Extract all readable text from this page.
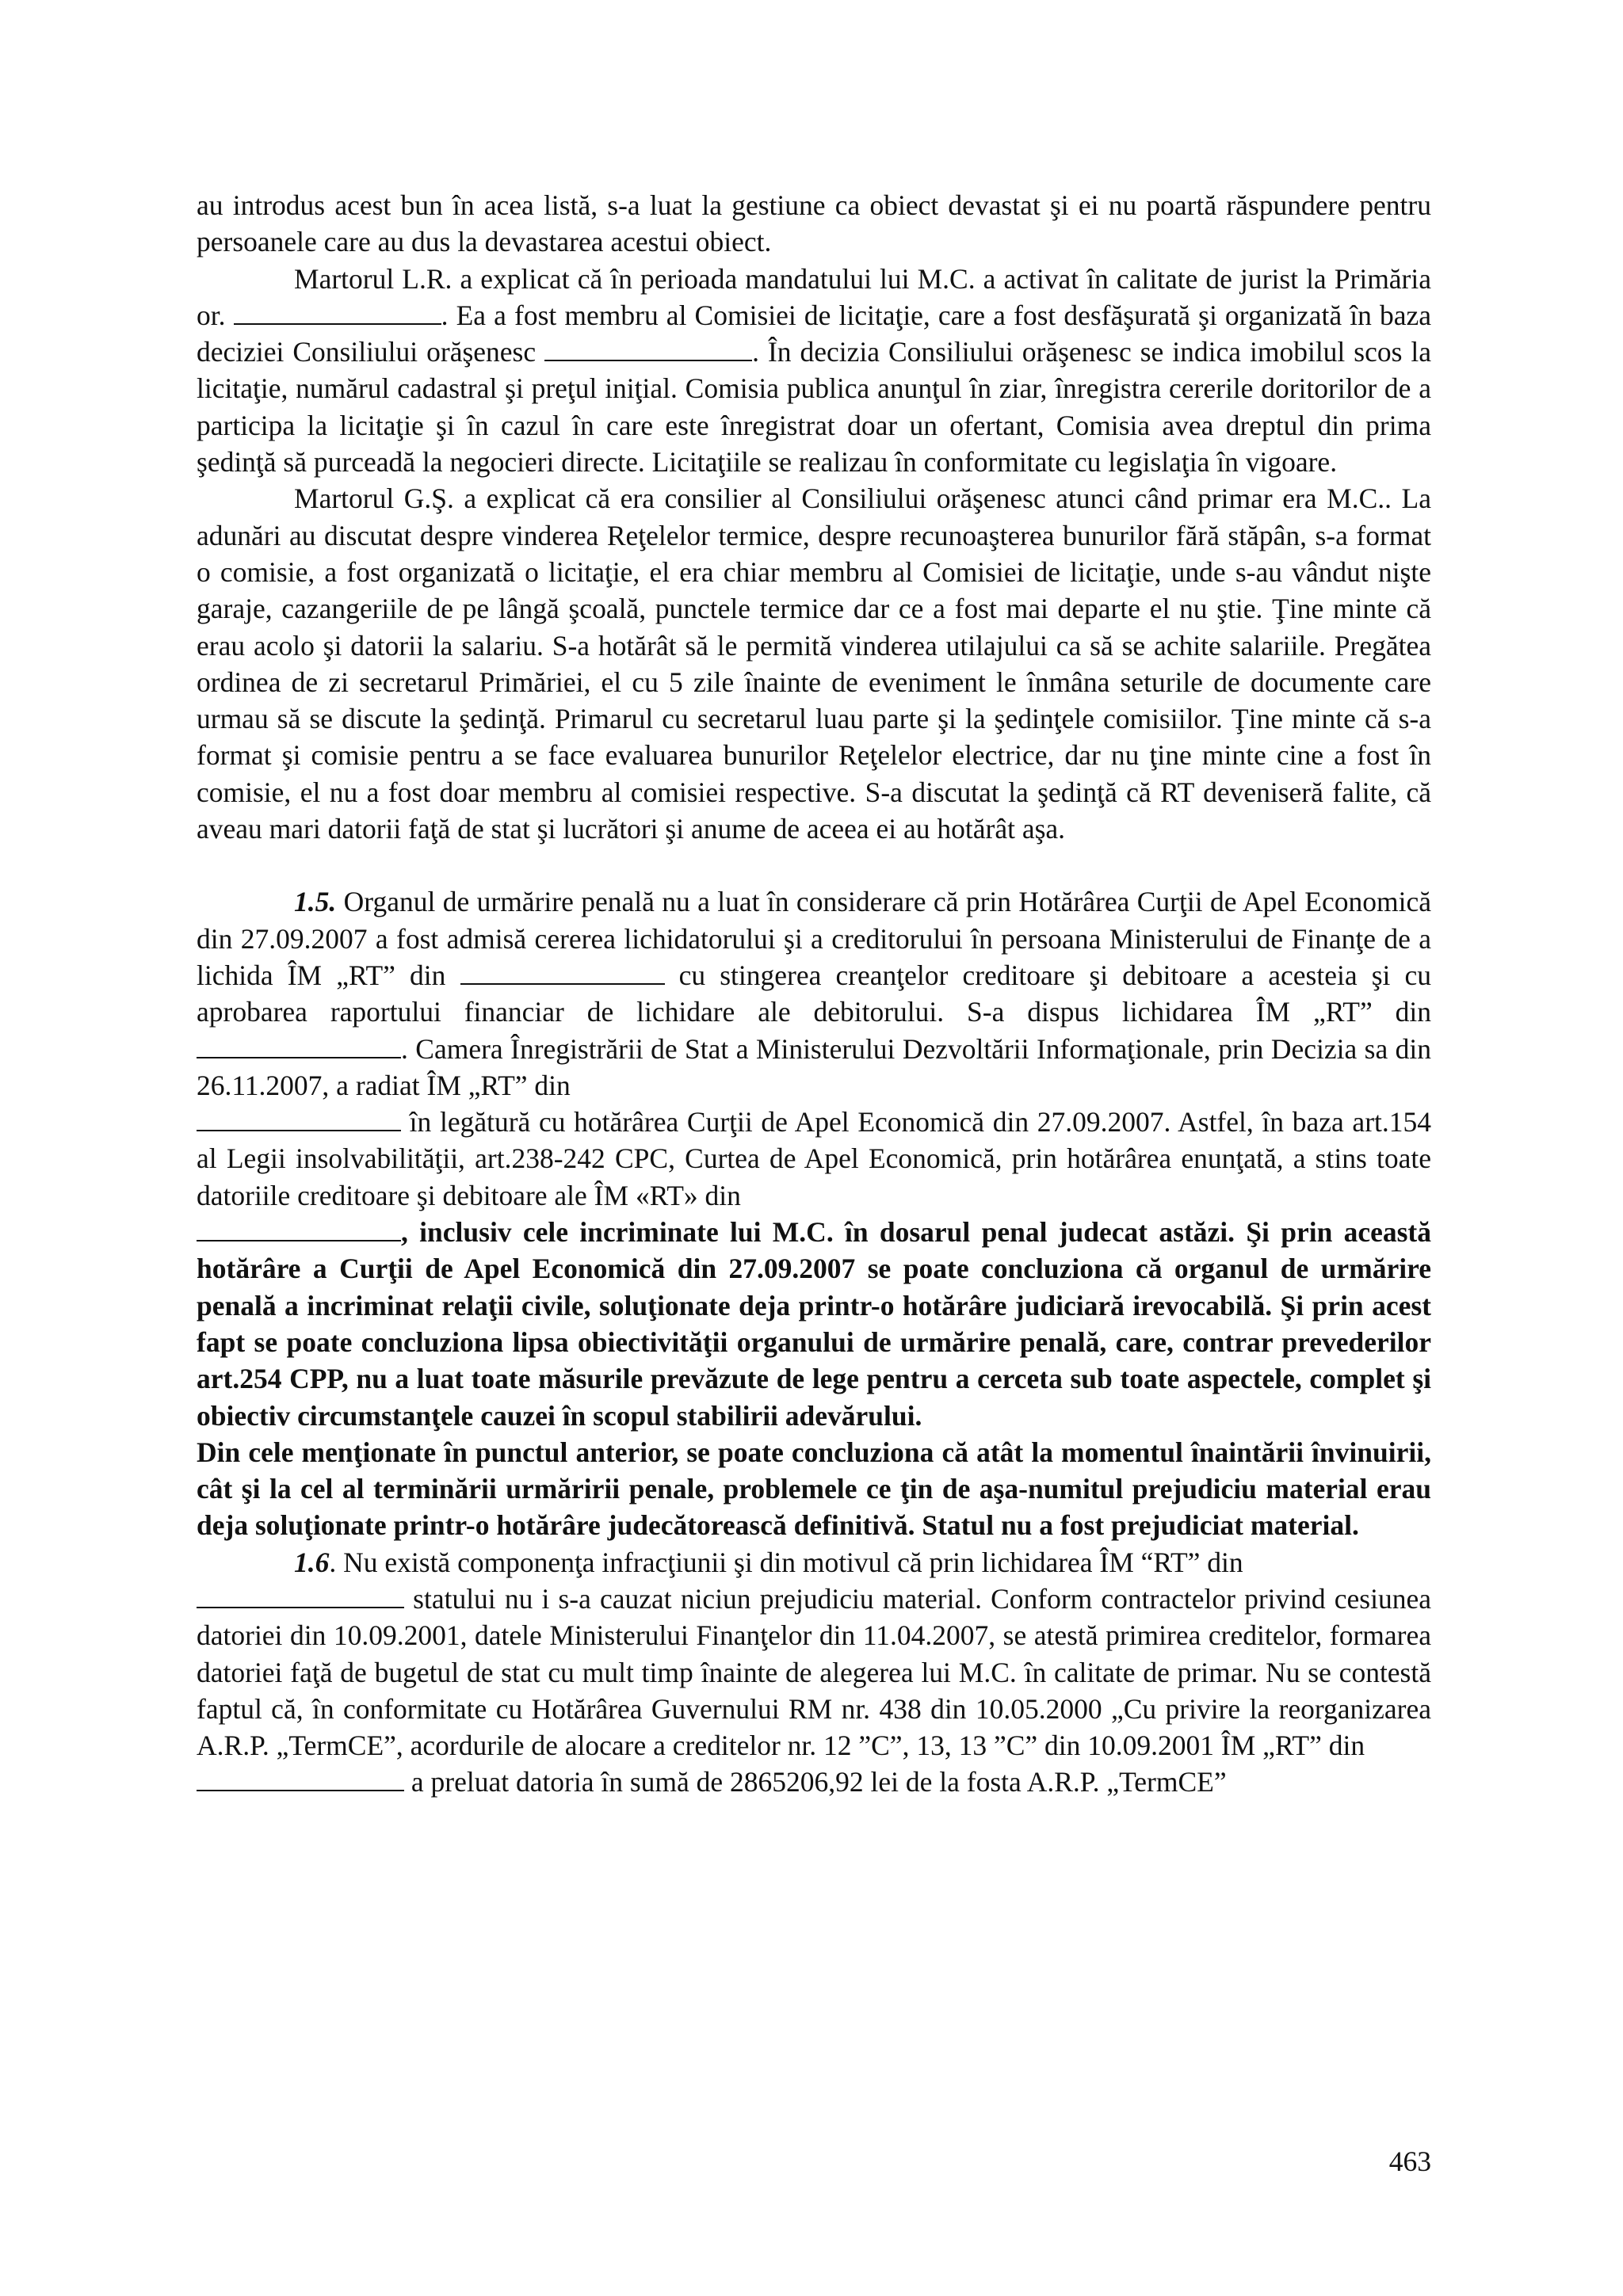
au introdus acest bun în acea listă, s-a luat la gestiune ca obiect devastat şi ei nu poartă răspundere pentru persoanele care au dus la devastarea acestui obiect.

Martorul L.R. a explicat că în perioada mandatului lui M.C. a activat în calitate de jurist la Primăria or.	. Ea a fost membru al Comisiei de licitaţie, care a fost desfăşurată şi organizată în baza deciziei Consiliului orăşenesc	. În decizia Consiliului orăşenesc se indica imobilul scos la licitaţie, numărul cadastral şi preţul iniţial. Comisia publica anunţul în ziar, înregistra cererile doritorilor de a participa la licitaţie şi în cazul în care este înregistrat doar un ofertant, Comisia avea dreptul din prima şedinţă să purceadă la negocieri directe. Licitaţiile se realizau în conformitate cu legislaţia în vigoare.

Martorul G.Ş. a explicat că era consilier al Consiliului orăşenesc atunci când primar era M.C.. La adunări au discutat despre vinderea Reţelelor termice, despre recunoaşterea bunurilor fără stăpân, s-a format o comisie, a fost organizată o licitaţie, el era chiar membru al Comisiei de licitaţie, unde s-au vândut nişte garaje, cazangeriile de pe lângă şcoală, punctele termice dar ce a fost mai departe el nu ştie. Ţine minte că erau acolo şi datorii la salariu. S-a hotărât să le permită vinderea utilajului ca să se achite salariile. Pregătea ordinea de zi secretarul Primăriei, el cu 5 zile înainte de eveniment le înmâna seturile de documente care urmau să se discute la şedinţă. Primarul cu secretarul luau parte şi la şedinţele comisiilor. Ţine minte că s-a format şi comisie pentru a se face evaluarea bunurilor Reţelelor electrice, dar nu ţine minte cine a fost în comisie, el nu a fost doar membru al comisiei respective. S-a discutat la şedinţă că RT deveniseră falite, că aveau mari datorii faţă de stat şi lucrători şi anume de aceea ei au hotărât aşa.

1.5. Organul de urmărire penală nu a luat în considerare că prin Hotărârea Curţii de Apel Economică din 27.09.2007 a fost admisă cererea lichidatorului şi a creditorului în persoana Ministerului de Finanţe de a lichida ÎM „RT” din	cu stingerea creanţelor creditoare şi debitoare a acesteia şi cu aprobarea raportului financiar de lichidare ale debitorului. S-a dispus lichidarea ÎM „RT” din . Camera Înregistrării de Stat a Ministerului Dezvoltării Informaţionale, prin Decizia sa din 26.11.2007, a radiat ÎM „RT” din
în legătură cu hotărârea Curţii de Apel Economică din 27.09.2007. Astfel, în baza art.154 al Legii insolvabilităţii, art.238-242 CPC, Curtea de Apel Economică, prin hotărârea enunţată, a stins toate datoriile creditoare şi debitoare ale ÎM «RT» din
, inclusiv cele incriminate lui M.C. în dosarul penal judecat astăzi. Şi prin această hotărâre a Curţii de Apel Economică din 27.09.2007 se poate concluziona că organul de urmărire penală a incriminat relaţii civile, soluţionate deja printr-o hotărâre judiciară irevocabilă. Şi prin acest fapt se poate concluziona lipsa obiectivităţii organului de urmărire penală, care, contrar prevederilor art.254 CPP, nu a luat toate măsurile prevăzute de lege pentru a cerceta sub toate aspectele, complet şi obiectiv circumstanţele cauzei în scopul stabilirii adevărului.

Din cele menţionate în punctul anterior, se poate concluziona că atât la momentul înaintării învinuirii, cât şi la cel al terminării urmăririi penale, problemele ce ţin de aşa-numitul prejudiciu material erau deja soluţionate printr-o hotărâre judecătorească definitivă. Statul nu a fost prejudiciat material.

1.6. Nu există componenţa infracţiunii şi din motivul că prin lichidarea ÎM “RT” din
statului nu i s-a cauzat niciun prejudiciu material. Conform contractelor privind cesiunea datoriei din 10.09.2001, datele Ministerului Finanţelor din 11.04.2007, se atestă primirea creditelor, formarea datoriei faţă de bugetul de stat cu mult timp înainte de alegerea lui M.C. în calitate de primar. Nu se contestă faptul că, în conformitate cu Hotărârea Guvernului RM nr. 438 din 10.05.2000 „Cu privire la reorganizarea A.R.P. „TermCE”, acordurile de alocare a creditelor nr. 12 ”C”, 13, 13 ”C” din 10.09.2001 ÎM „RT” din
a preluat datoria în sumă de 2865206,92 lei de la fosta A.R.P. „TermCE”

463
